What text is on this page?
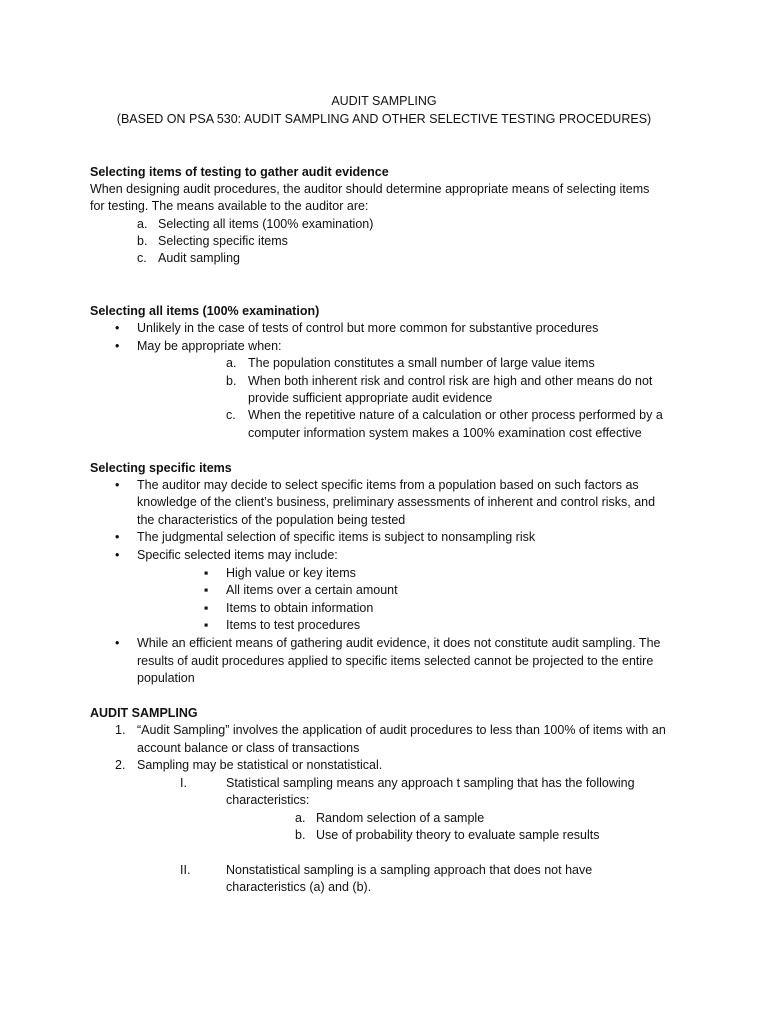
AUDIT SAMPLING
(BASED ON PSA 530: AUDIT SAMPLING AND OTHER SELECTIVE TESTING PROCEDURES)
Selecting items of testing to gather audit evidence
When designing audit procedures, the auditor should determine appropriate means of selecting items
for testing. The means available to the auditor are:
a. Selecting all items (100% examination)
b. Selecting specific items
c. Audit sampling
Selecting all items (100% examination)
• Unlikely in the case of tests of control but more common for substantive procedures
• May be appropriate when:
a. The population constitutes a small number of large value items
b. When both inherent risk and control risk are high and other means do not
provide sufficient appropriate audit evidence
c. When the repetitive nature of a calculation or other process performed by a
computer information system makes a 100% examination cost effective
Selecting specific items
• The auditor may decide to select specific items from a population based on such factors as
knowledge of the client’s business, preliminary assessments of inherent and control risks, and
the characteristics of the population being tested
• The judgmental selection of specific items is subject to nonsampling risk
• Specific selected items may include:
▪ High value or key items
▪ All items over a certain amount
▪ Items to obtain information
▪ Items to test procedures
• While an efficient means of gathering audit evidence, it does not constitute audit sampling. The
results of audit procedures applied to specific items selected cannot be projected to the entire
population
AUDIT SAMPLING
1. “Audit Sampling” involves the application of audit procedures to less than 100% of items with an
account balance or class of transactions
2. Sampling may be statistical or nonstatistical.
I.	Statistical sampling means any approach t sampling that has the following
characteristics:
a. Random selection of a sample
b. Use of probability theory to evaluate sample results
II.	Nonstatistical sampling is a sampling approach that does not have
characteristics (a) and (b).
